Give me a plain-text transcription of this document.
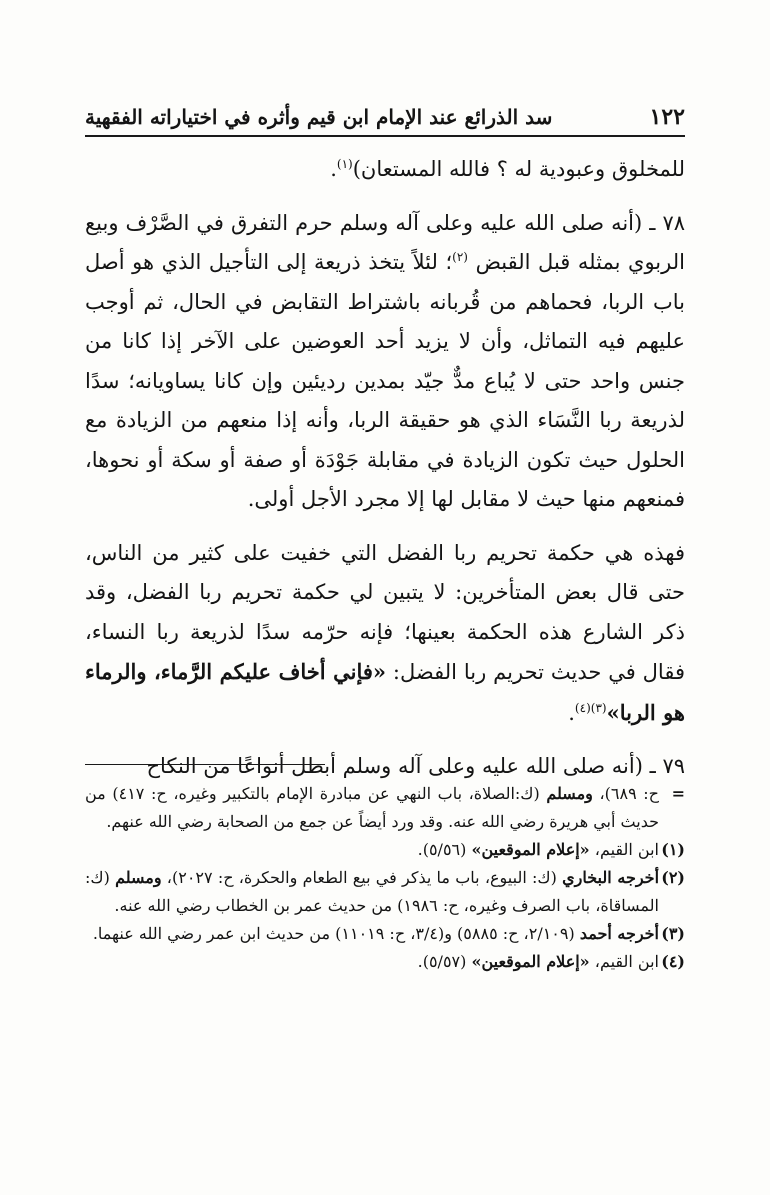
١٢٢
سد الذرائع عند الإمام ابن قيم وأثره في اختياراته الفقهية

للمخلوق وعبودية له ؟ فالله المستعان)$^{(١)}$.

٧٨ ـ (أنه صلى الله عليه وعلى آله وسلم حرم التفرق في الصَّرْف وبيع الربوي بمثله قبل القبض $^{(٢)}$؛ لئلاً يتخذ ذريعة إلى التأجيل الذي هو أصل باب الربا، فحماهم من قُربانه باشتراط التقابض في الحال، ثم أوجب عليهم فيه التماثل، وأن لا يزيد أحد العوضين على الآخر إذا كانا من جنس واحد حتى لا يُباع مدٌّ جيّد بمدين رديئين وإن كانا يساويانه؛ سدًا لذريعة ربا النَّسَاء الذي هو حقيقة الربا، وأنه إذا منعهم من الزيادة مع الحلول حيث تكون الزيادة في مقابلة جَوْدَة أو صفة أو سكة أو نحوها، فمنعهم منها حيث لا مقابل لها إلا مجرد الأجل أولى.

فهذه هي حكمة تحريم ربا الفضل التي خفيت على كثير من الناس، حتى قال بعض المتأخرين: لا يتبين لي حكمة تحريم ربا الفضل، وقد ذكر الشارع هذه الحكمة بعينها؛ فإنه حرّمه سدًا لذريعة ربا النساء، فقال في حديث تحريم ربا الفضل: «فإني أخاف عليكم الرَّماء، والرماء هو الربا»$^{(٣)(٤)}$.

٧٩ ـ (أنه صلى الله عليه وعلى آله وسلم أبطل أنواعًا من النكاح

=
ح: ٦٨٩)، ومسلم (ك:الصلاة، باب النهي عن مبادرة الإمام بالتكبير وغيره، ح: ٤١٧) من حديث أبي هريرة رضي الله عنه. وقد ورد أيضاً عن جمع من الصحابة رضي الله عنهم.
(١)
ابن القيم، «إعلام الموقعين» (٥/٥٦).
(٢)
أخرجه البخاري (ك: البيوع، باب ما يذكر في بيع الطعام والحكرة، ح: ٢٠٢٧)، ومسلم (ك: المساقاة، باب الصرف وغيره، ح: ١٩٨٦) من حديث عمر بن الخطاب رضي الله عنه.
(٣)
أخرجه أحمد (٢/١٠٩، ح: ٥٨٨٥) و(٣/٤، ح: ١١٠١٩) من حديث ابن عمر رضي الله عنهما.
(٤)
ابن القيم، «إعلام الموقعين» (٥/٥٧).
